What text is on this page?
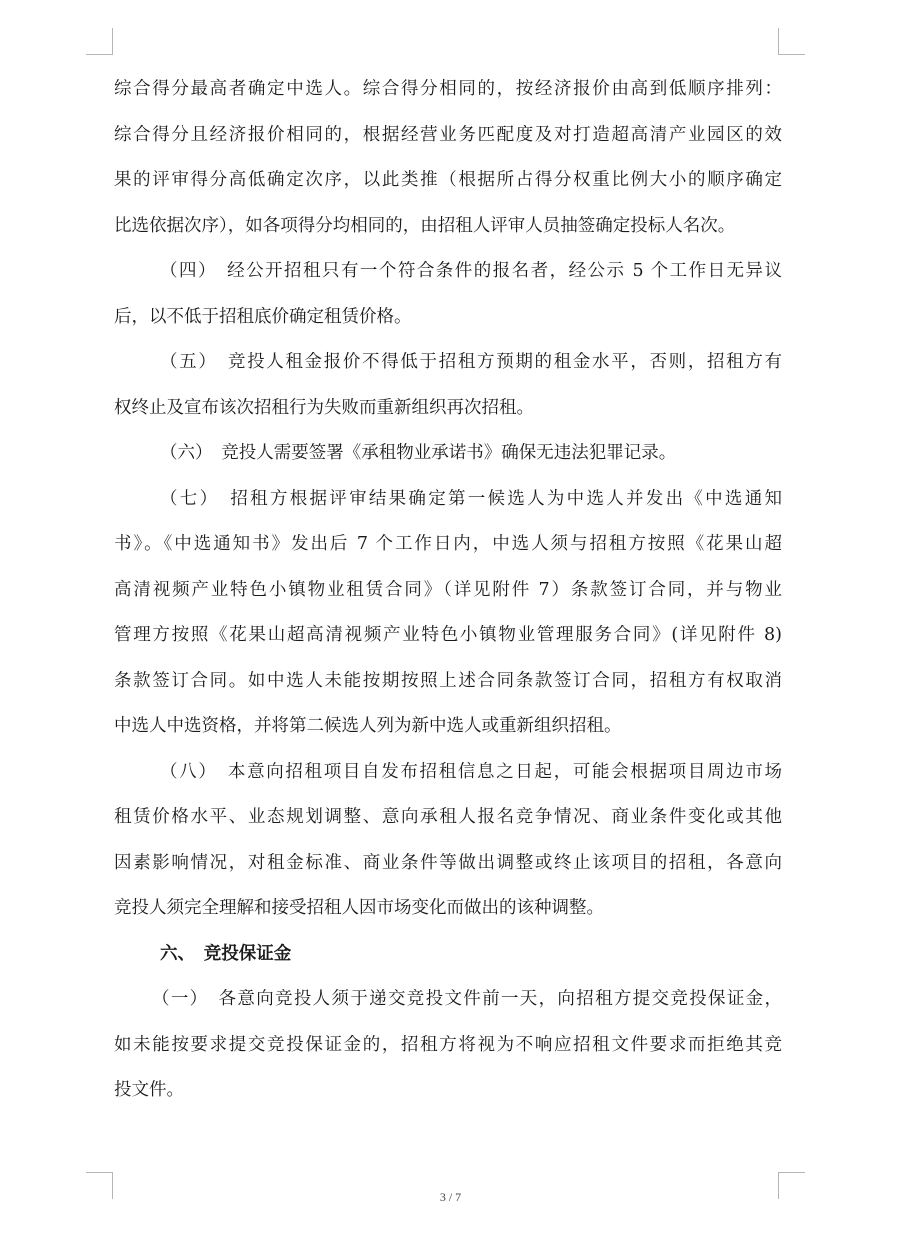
综合得分最高者确定中选人。综合得分相同的，按经济报价由高到低顺序排列：
综合得分且经济报价相同的，根据经营业务匹配度及对打造超高清产业园区的效
果的评审得分高低确定次序，以此类推（根据所占得分权重比例大小的顺序确定
比选依据次序），如各项得分均相同的，由招租人评审人员抽签确定投标人名次。
（四）　经公开招租只有一个符合条件的报名者，经公示 5 个工作日无异议
后，以不低于招租底价确定租赁价格。
（五）　竞投人租金报价不得低于招租方预期的租金水平，否则，招租方有
权终止及宣布该次招租行为失败而重新组织再次招租。
（六）　竞投人需要签署《承租物业承诺书》确保无违法犯罪记录。
（七）　招租方根据评审结果确定第一候选人为中选人并发出《中选通知
书》。《中选通知书》发出后 7 个工作日内，中选人须与招租方按照《花果山超
高清视频产业特色小镇物业租赁合同》（详见附件 7）条款签订合同，并与物业
管理方按照《花果山超高清视频产业特色小镇物业管理服务合同》(详见附件 8)
条款签订合同。如中选人未能按期按照上述合同条款签订合同，招租方有权取消
中选人中选资格，并将第二候选人列为新中选人或重新组织招租。
（八）　本意向招租项目自发布招租信息之日起，可能会根据项目周边市场
租赁价格水平、业态规划调整、意向承租人报名竞争情况、商业条件变化或其他
因素影响情况，对租金标准、商业条件等做出调整或终止该项目的招租，各意向
竞投人须完全理解和接受招租人因市场变化而做出的该种调整。
六、　竞投保证金
（一）　各意向竞投人须于递交竞投文件前一天，向招租方提交竞投保证金，
如未能按要求提交竞投保证金的，招租方将视为不响应招租文件要求而拒绝其竞
投文件。
3 / 7
